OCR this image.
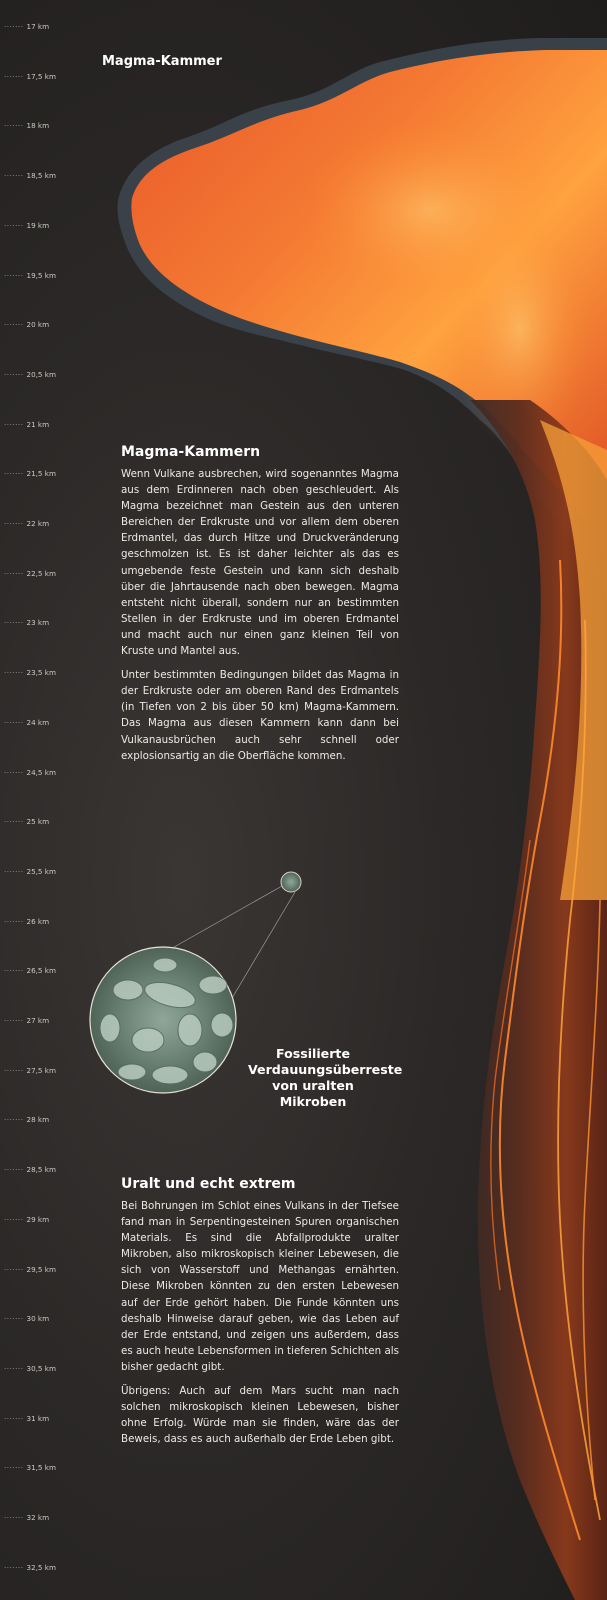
······· 17 km
······· 17,5 km
······· 18 km
······· 18,5 km
······· 19 km
······· 19,5 km
······· 20 km
······· 20,5 km
······· 21 km
······· 21,5 km
······· 22 km
······· 22,5 km
······· 23 km
······· 23,5 km
······· 24 km
······· 24,5 km
······· 25 km
······· 25,5 km
······· 26 km
······· 26,5 km
······· 27 km
······· 27,5 km
······· 28 km
······· 28,5 km
······· 29 km
······· 29,5 km
······· 30 km
······· 30,5 km
······· 31 km
······· 31,5 km
······· 32 km
······· 32,5 km
Magma-Kammer
Magma-Kammern

Wenn Vulkane ausbrechen, wird sogenanntes Magma aus dem Erdinneren nach oben geschleudert. Als Magma bezeichnet man Gestein aus den unteren Bereichen der Erdkruste und vor allem dem oberen Erdmantel, das durch Hitze und Druckveränderung geschmolzen ist. Es ist daher leichter als das es umgebende feste Gestein und kann sich deshalb über die Jahrtausende nach oben bewegen. Magma entsteht nicht überall, sondern nur an bestimmten Stellen in der Erdkruste und im oberen Erdmantel und macht auch nur einen ganz kleinen Teil von Kruste und Mantel aus.

Unter bestimmten Bedingungen bildet das Magma in der Erdkruste oder am oberen Rand des Erdmantels (in Tiefen von 2 bis über 50 km) Magma-Kammern. Das Magma aus diesen Kammern kann dann bei Vulkanausbrüchen auch sehr schnell oder explosionsartig an die Oberfläche kommen.

Fossilierte Verdauungsüberreste von uralten Mikroben
Uralt und echt extrem

Bei Bohrungen im Schlot eines Vulkans in der Tiefsee fand man in Serpentingesteinen Spuren organischen Materials. Es sind die Abfallprodukte uralter Mikroben, also mikroskopisch kleiner Lebewesen, die sich von Wasserstoff und Methangas ernährten. Diese Mikroben könnten zu den ersten Lebewesen auf der Erde gehört haben. Die Funde könnten uns deshalb Hinweise darauf geben, wie das Leben auf der Erde entstand, und zeigen uns außerdem, dass es auch heute Lebensformen in tieferen Schichten als bisher gedacht gibt.

Übrigens: Auch auf dem Mars sucht man nach solchen mikroskopisch kleinen Lebewesen, bisher ohne Erfolg. Würde man sie finden, wäre das der Beweis, dass es auch außerhalb der Erde Leben gibt.
